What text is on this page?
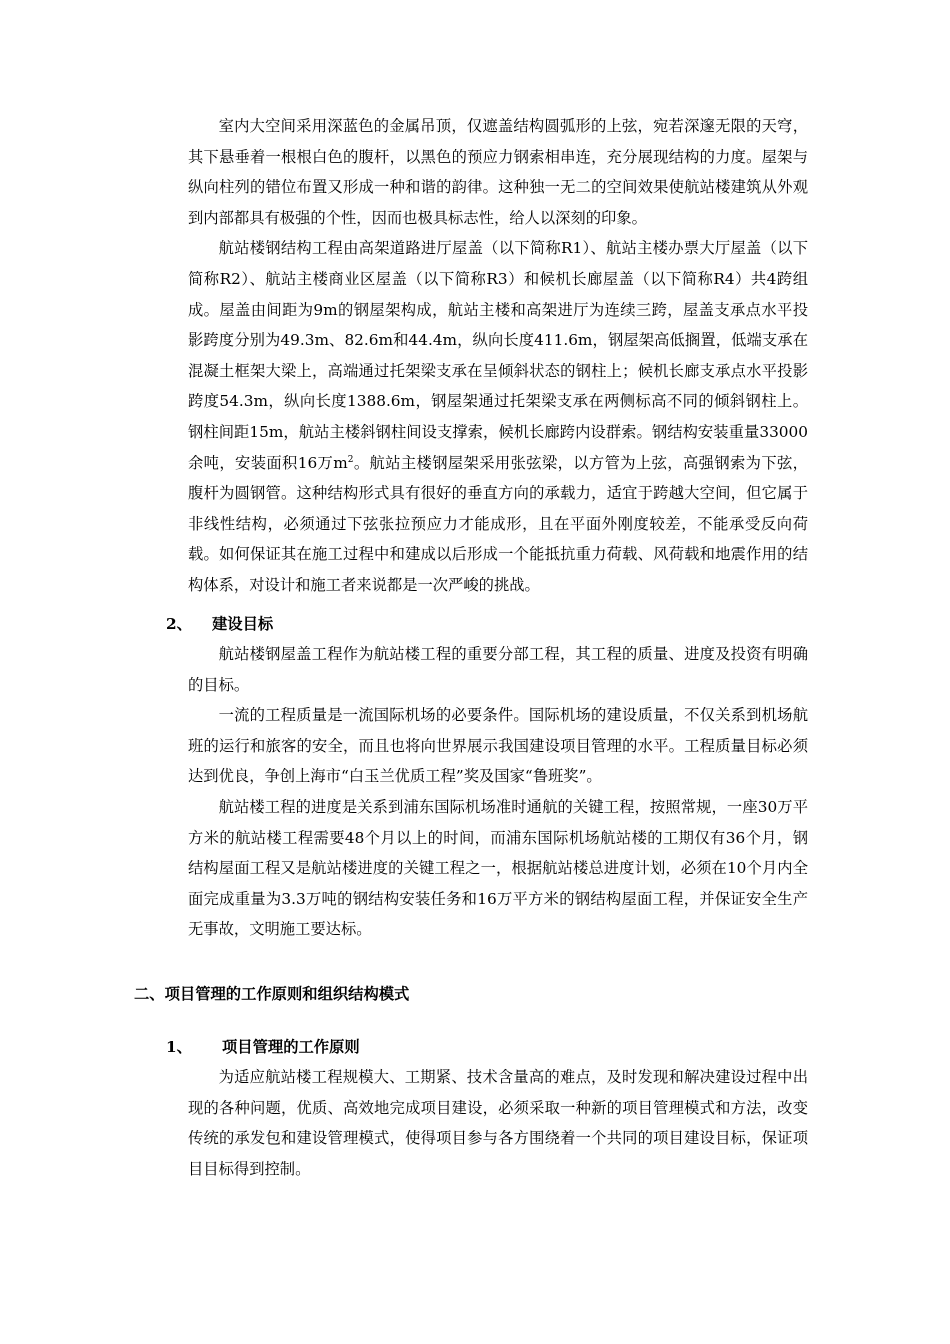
室内大空间采用深蓝色的金属吊顶，仅遮盖结构圆弧形的上弦，宛若深邃无限的天穹，其下悬垂着一根根白色的腹杆，以黑色的预应力钢索相串连，充分展现结构的力度。屋架与纵向柱列的错位布置又形成一种和谐的韵律。这种独一无二的空间效果使航站楼建筑从外观到内部都具有极强的个性，因而也极具标志性，给人以深刻的印象。

航站楼钢结构工程由高架道路进厅屋盖（以下简称R1）、航站主楼办票大厅屋盖（以下简称R2）、航站主楼商业区屋盖（以下简称R3）和候机长廊屋盖（以下简称R4）共4跨组成。屋盖由间距为9m的钢屋架构成，航站主楼和高架进厅为连续三跨，屋盖支承点水平投影跨度分别为49.3m、82.6m和44.4m，纵向长度411.6m，钢屋架高低搁置，低端支承在混凝土框架大梁上，高端通过托架梁支承在呈倾斜状态的钢柱上；候机长廊支承点水平投影跨度54.3m，纵向长度1388.6m，钢屋架通过托架梁支承在两侧标高不同的倾斜钢柱上。钢柱间距15m，航站主楼斜钢柱间设支撑索，候机长廊跨内设群索。钢结构安装重量33000余吨，安装面积16万$m^2$。航站主楼钢屋架采用张弦梁，以方管为上弦，高强钢索为下弦，腹杆为圆钢管。这种结构形式具有很好的垂直方向的承载力，适宜于跨越大空间，但它属于非线性结构，必须通过下弦张拉预应力才能成形，且在平面外刚度较差，不能承受反向荷载。如何保证其在施工过程中和建成以后形成一个能抵抗重力荷载、风荷载和地震作用的结构体系，对设计和施工者来说都是一次严峻的挑战。

2、 建设目标

航站楼钢屋盖工程作为航站楼工程的重要分部工程，其工程的质量、进度及投资有明确的目标。

一流的工程质量是一流国际机场的必要条件。国际机场的建设质量，不仅关系到机场航班的运行和旅客的安全，而且也将向世界展示我国建设项目管理的水平。工程质量目标必须达到优良，争创上海市“白玉兰优质工程”奖及国家“鲁班奖”。

航站楼工程的进度是关系到浦东国际机场准时通航的关键工程，按照常规，一座30万平方米的航站楼工程需要48个月以上的时间，而浦东国际机场航站楼的工期仅有36个月，钢结构屋面工程又是航站楼进度的关键工程之一，根据航站楼总进度计划，必须在10个月内全面完成重量为3.3万吨的钢结构安装任务和16万平方米的钢结构屋面工程，并保证安全生产无事故，文明施工要达标。

二、项目管理的工作原则和组织结构模式
1、 项目管理的工作原则

为适应航站楼工程规模大、工期紧、技术含量高的难点，及时发现和解决建设过程中出现的各种问题，优质、高效地完成项目建设，必须采取一种新的项目管理模式和方法，改变传统的承发包和建设管理模式，使得项目参与各方围绕着一个共同的项目建设目标，保证项目目标得到控制。
